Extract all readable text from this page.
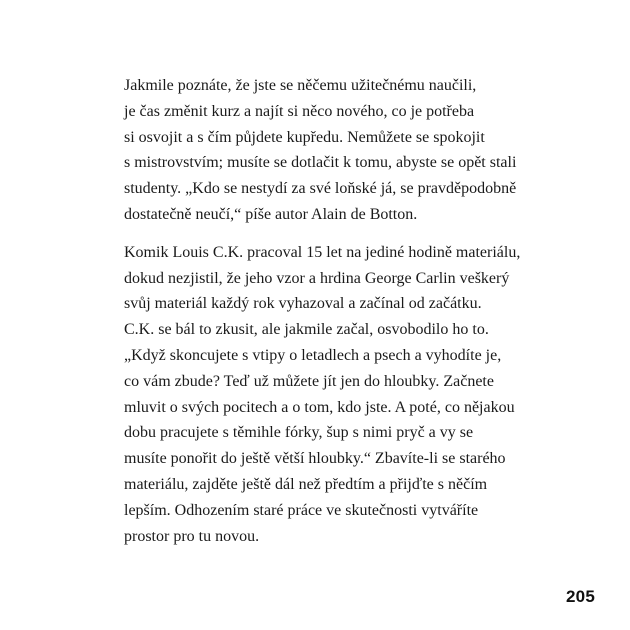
Jakmile poznáte, že jste se něčemu užitečnému naučili,
je čas změnit kurz a najít si něco nového, co je potřeba
si osvojit a s čím půjdete kupředu. Nemůžete se spokojit
s mistrovstvím; musíte se dotlačit k tomu, abyste se opět stali
studenty. „Kdo se nestydí za své loňské já, se pravděpodobně
dostatečně neučí,“ píše autor Alain de Botton.

Komik Louis C.K. pracoval 15 let na jediné hodině materiálu,
dokud nezjistil, že jeho vzor a hrdina George Carlin veškerý
svůj materiál každý rok vyhazoval a začínal od začátku.
C.K. se bál to zkusit, ale jakmile začal, osvobodilo ho to.
„Když skoncujete s vtipy o letadlech a psech a vyhodíte je,
co vám zbude? Teď už můžete jít jen do hloubky. Začnete
mluvit o svých pocitech a o tom, kdo jste. A poté, co nějakou
dobu pracujete s těmihle fórky, šup s nimi pryč a vy se
musíte ponořit do ještě větší hloubky.“ Zbavíte-li se starého
materiálu, zajděte ještě dál než předtím a přijďte s něčím
lepším. Odhozením staré práce ve skutečnosti vytváříte
prostor pro tu novou.

205
